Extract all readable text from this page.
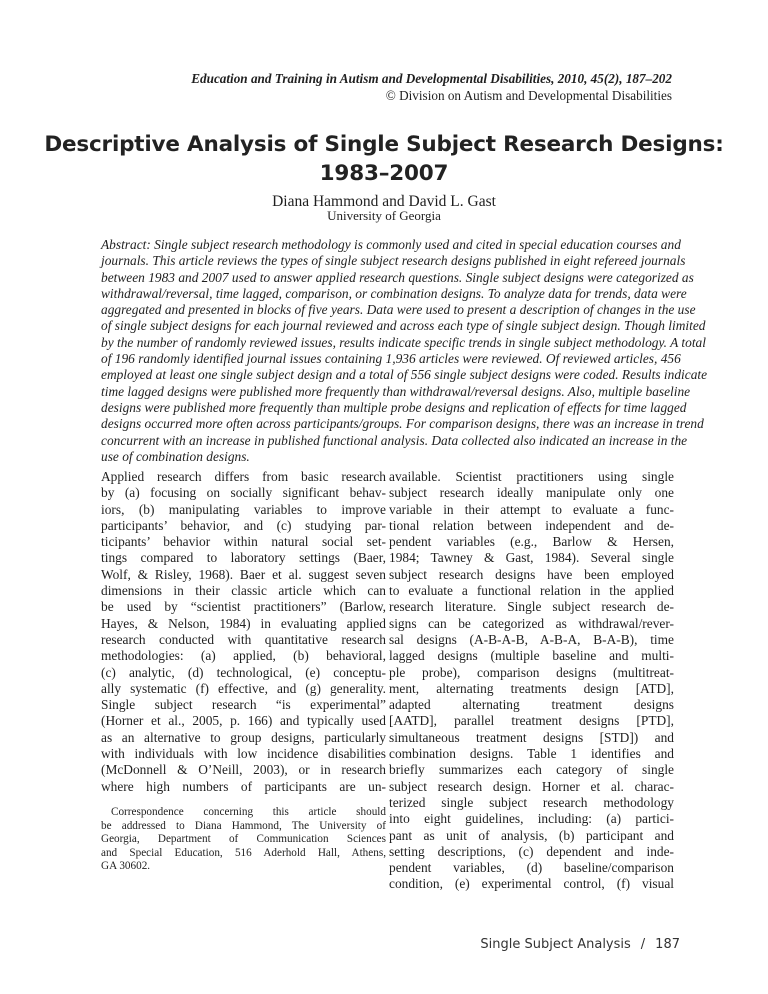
Education and Training in Autism and Developmental Disabilities, 2010, 45(2), 187–202
© Division on Autism and Developmental Disabilities
Descriptive Analysis of Single Subject Research Designs:
1983–2007
Diana Hammond and David L. Gast
University of Georgia
Abstract: Single subject research methodology is commonly used and cited in special education courses and
journals. This article reviews the types of single subject research designs published in eight refereed journals
between 1983 and 2007 used to answer applied research questions. Single subject designs were categorized as
withdrawal/reversal, time lagged, comparison, or combination designs. To analyze data for trends, data were
aggregated and presented in blocks of five years. Data were used to present a description of changes in the use
of single subject designs for each journal reviewed and across each type of single subject design. Though limited
by the number of randomly reviewed issues, results indicate specific trends in single subject methodology. A total
of 196 randomly identified journal issues containing 1,936 articles were reviewed. Of reviewed articles, 456
employed at least one single subject design and a total of 556 single subject designs were coded. Results indicate
time lagged designs were published more frequently than withdrawal/reversal designs. Also, multiple baseline
designs were published more frequently than multiple probe designs and replication of effects for time lagged
designs occurred more often across participants/groups. For comparison designs, there was an increase in trend
concurrent with an increase in published functional analysis. Data collected also indicated an increase in the
use of combination designs.
Applied research differs from basic research
by (a) focusing on socially significant behav-
iors, (b) manipulating variables to improve
participants’ behavior, and (c) studying par-
ticipants’ behavior within natural social set-
tings compared to laboratory settings (Baer,
Wolf, & Risley, 1968). Baer et al. suggest seven
dimensions in their classic article which can
be used by “scientist practitioners” (Barlow,
Hayes, & Nelson, 1984) in evaluating applied
research conducted with quantitative research
methodologies: (a) applied, (b) behavioral,
(c) analytic, (d) technological, (e) conceptu-
ally systematic (f) effective, and (g) generality.
Single subject research “is experimental”
(Horner et al., 2005, p. 166) and typically used
as an alternative to group designs, particularly
with individuals with low incidence disabilities
(McDonnell & O’Neill, 2003), or in research
where high numbers of participants are un-
Correspondence concerning this article should
be addressed to Diana Hammond, The University of
Georgia, Department of Communication Sciences
and Special Education, 516 Aderhold Hall, Athens,
GA 30602.
available. Scientist practitioners using single
subject research ideally manipulate only one
variable in their attempt to evaluate a func-
tional relation between independent and de-
pendent variables (e.g., Barlow & Hersen,
1984; Tawney & Gast, 1984). Several single
subject research designs have been employed
to evaluate a functional relation in the applied
research literature. Single subject research de-
signs can be categorized as withdrawal/rever-
sal designs (A-B-A-B, A-B-A, B-A-B), time
lagged designs (multiple baseline and multi-
ple probe), comparison designs (multitreat-
ment, alternating treatments design [ATD],
adapted alternating treatment designs
[AATD], parallel treatment designs [PTD],
simultaneous treatment designs [STD]) and
combination designs. Table 1 identifies and
briefly summarizes each category of single
subject research design. Horner et al. charac-
terized single subject research methodology
into eight guidelines, including: (a) partici-
pant as unit of analysis, (b) participant and
setting descriptions, (c) dependent and inde-
pendent variables, (d) baseline/comparison
condition, (e) experimental control, (f) visual
Single Subject Analysis / 187
